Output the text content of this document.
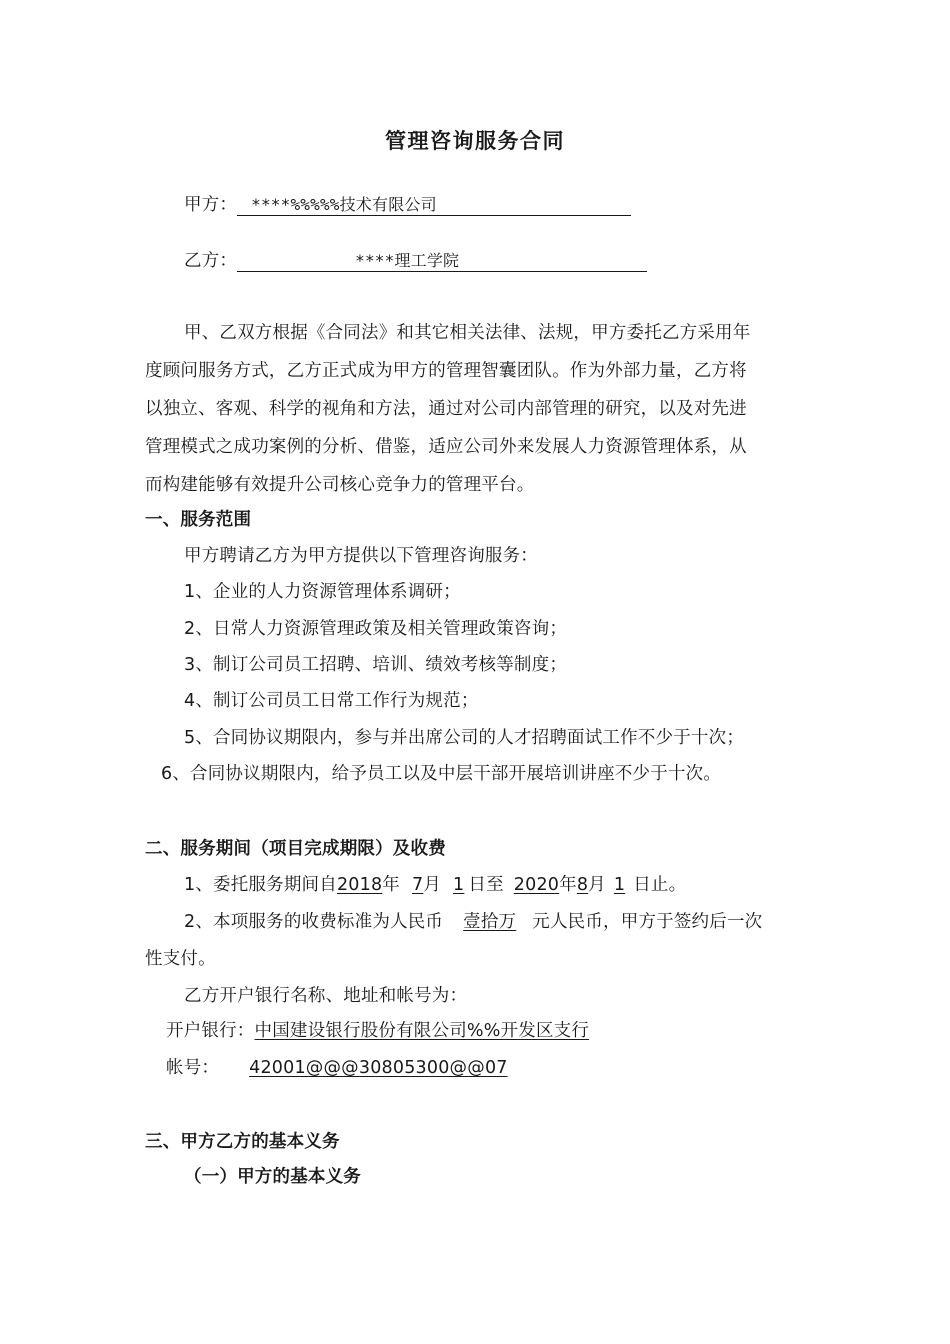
管理咨询服务合同
甲方： ****%%%%%技术有限公司
乙方：	****理工学院
甲、乙双方根据《合同法》和其它相关法律、法规，甲方委托乙方采用年
度顾问服务方式，乙方正式成为甲方的管理智囊团队。作为外部力量，乙方将
以独立、客观、科学的视角和方法，通过对公司内部管理的研究，以及对先进
管理模式之成功案例的分析、借鉴，适应公司外来发展人力资源管理体系，从
而构建能够有效提升公司核心竞争力的管理平台。
一、服务范围
甲方聘请乙方为甲方提供以下管理咨询服务：
1、企业的人力资源管理体系调研；
2、日常人力资源管理政策及相关管理政策咨询；
3、制订公司员工招聘、培训、绩效考核等制度；
4、制订公司员工日常工作行为规范；
5、合同协议期限内，参与并出席公司的人才招聘面试工作不少于十次；
6、合同协议期限内，给予员工以及中层干部开展培训讲座不少于十次。
二、服务期间（项目完成期限）及收费
1、委托服务期间自2018年 7月 1 日至 2020年8月 1 日止。
2、本项服务的收费标准为人民币 壹拾万 元人民币，甲方于签约后一次
性支付。
乙方开户银行名称、地址和帐号为：
开户银行：中国建设银行股份有限公司%%开发区支行
帐号： 42001@@@30805300@@07
三、甲方乙方的基本义务
（一）甲方的基本义务
